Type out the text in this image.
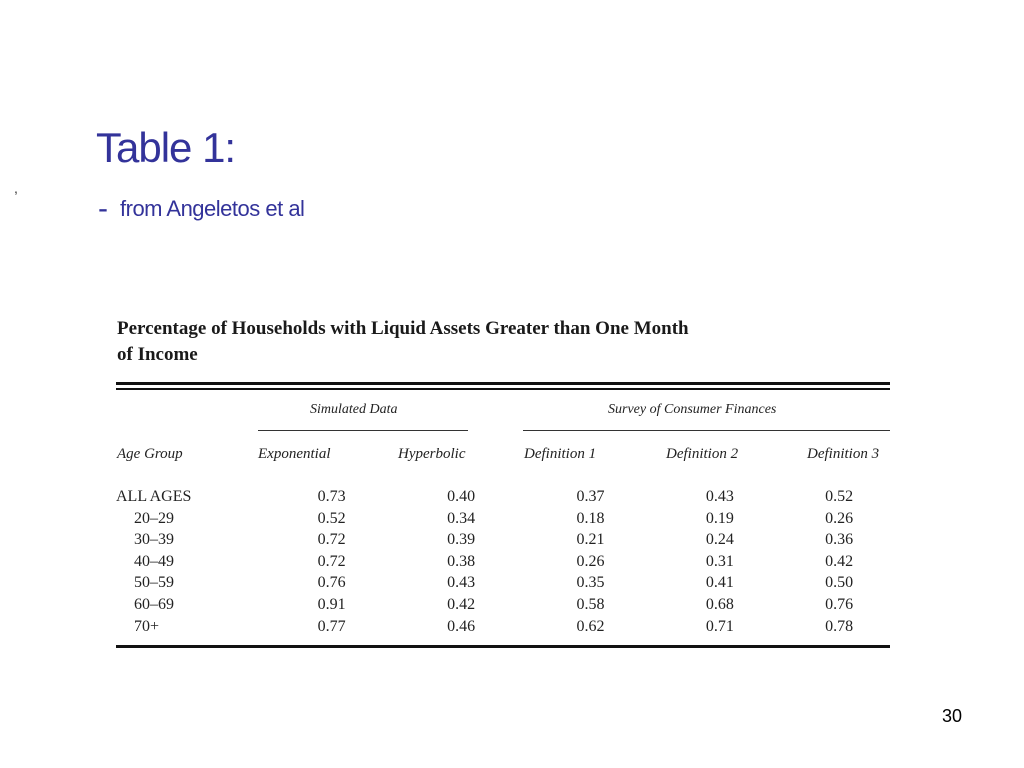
,
Table 1:
- from Angeletos et al
Percentage of Households with Liquid Assets Greater than One Month
of Income
Simulated Data	Survey of Consumer Finances
Age Group	Exponential	Hyperbolic	Definition 1	Definition 2	Definition 3
ALL AGES	0.73	0.40	0.37	0.43	0.52
20–29	0.52	0.34	0.18	0.19	0.26
30–39	0.72	0.39	0.21	0.24	0.36
40–49	0.72	0.38	0.26	0.31	0.42
50–59	0.76	0.43	0.35	0.41	0.50
60–69	0.91	0.42	0.58	0.68	0.76
70+	0.77	0.46	0.62	0.71	0.78
30
